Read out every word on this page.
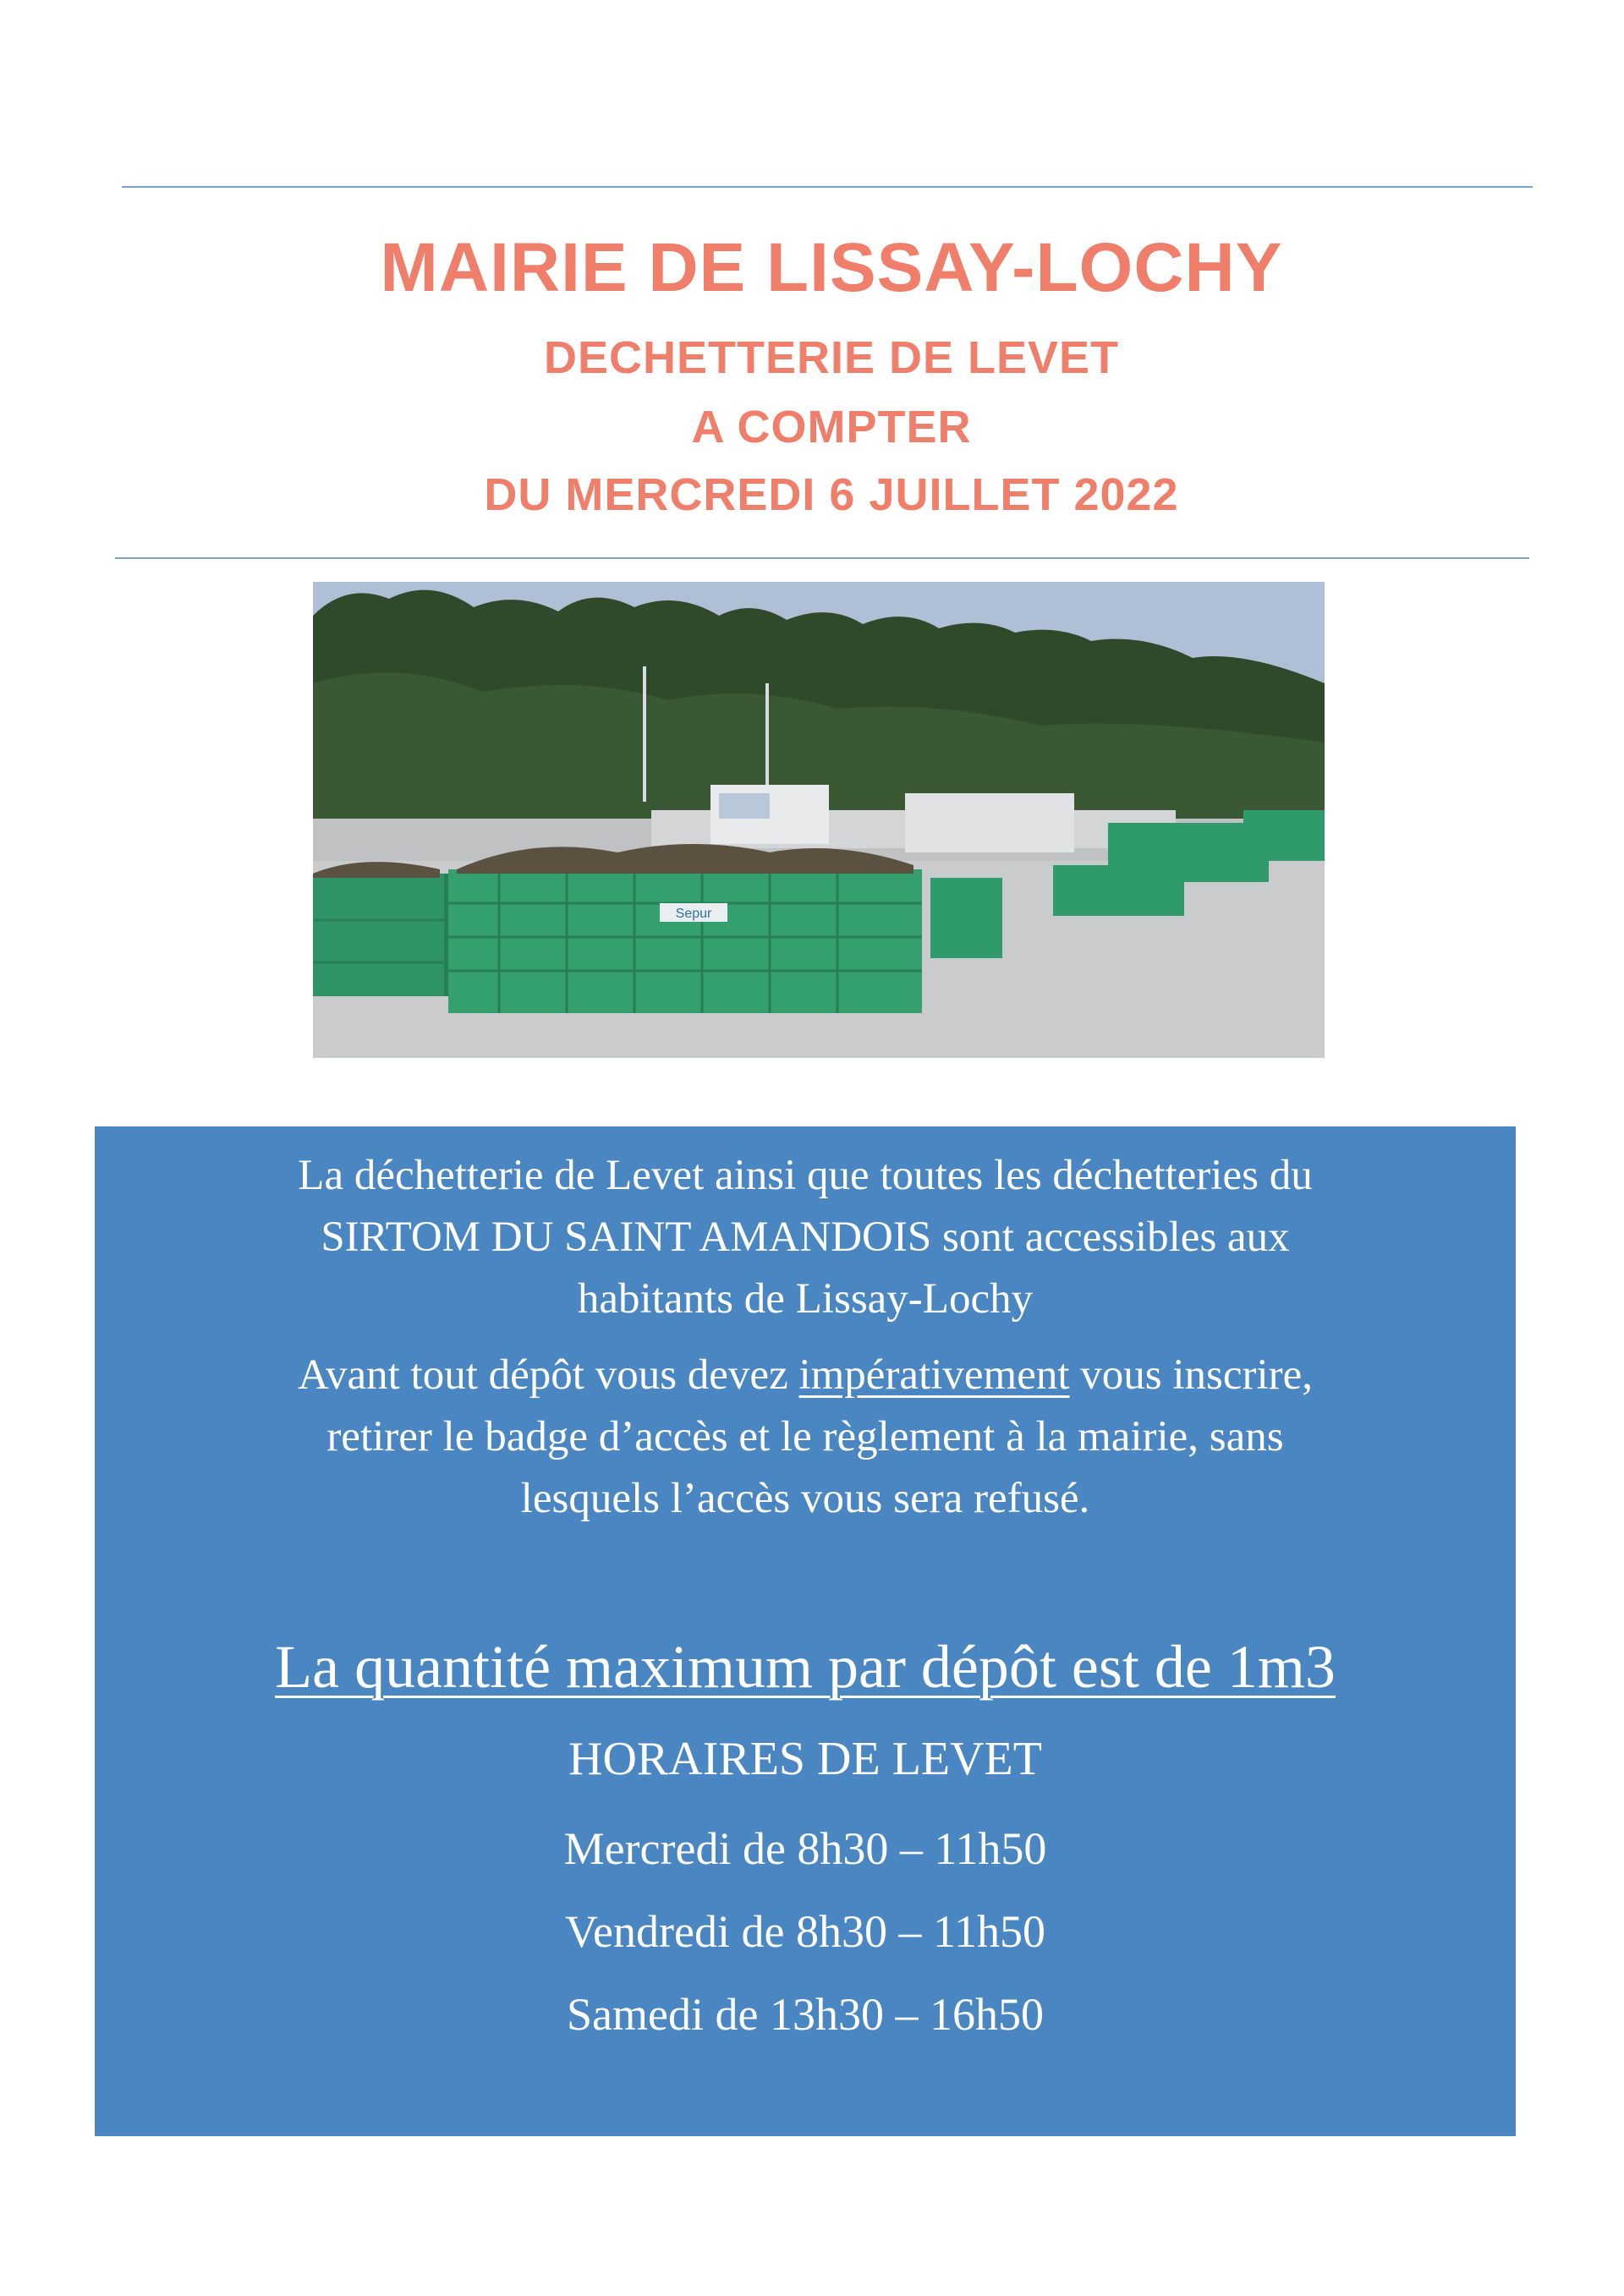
MAIRIE DE LISSAY-LOCHY
DECHETTERIE DE LEVET
A COMPTER
DU MERCREDI 6 JUILLET 2022
Sepur

La déchetterie de Levet ainsi que toutes les déchetteries du

SIRTOM DU SAINT AMANDOIS sont accessibles aux

habitants de Lissay-Lochy

Avant tout dépôt vous devez impérativement vous inscrire,

retirer le badge d’accès et le règlement à la mairie, sans

lesquels l’accès vous sera refusé.

La quantité maximum par dépôt est de 1m3
HORAIRES DE LEVET
Mercredi de 8h30 – 11h50
Vendredi de 8h30 – 11h50
Samedi de 13h30 – 16h50
